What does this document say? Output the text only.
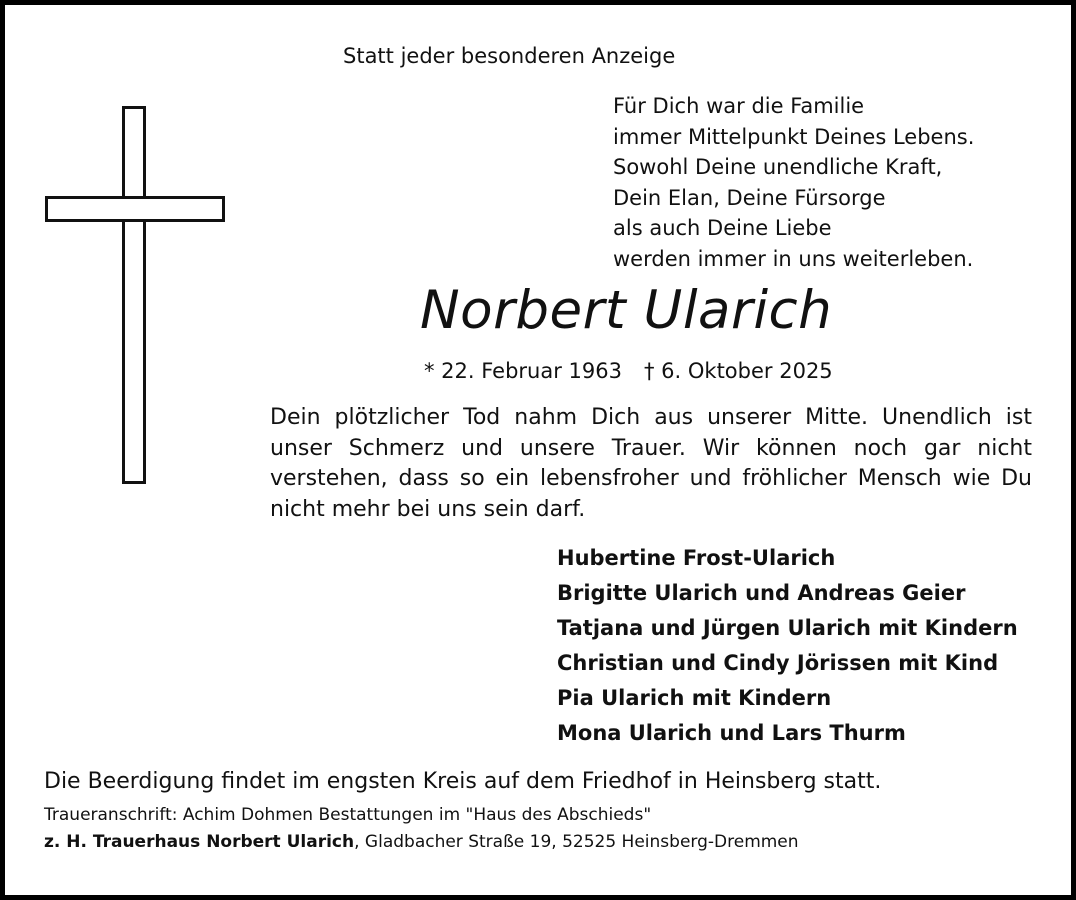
Statt jeder besonderen Anzeige
Für Dich war die Familie
immer Mittelpunkt Deines Lebens.
Sowohl Deine unendliche Kraft,
Dein Elan, Deine Fürsorge
als auch Deine Liebe
werden immer in uns weiterleben.
Norbert Ularich
* 22. Februar 1963 † 6. Oktober 2025
Dein plötzlicher Tod nahm Dich aus unserer Mitte. Unendlich ist unser Schmerz und unsere Trauer. Wir können noch gar nicht verstehen, dass so ein lebensfroher und fröhlicher Mensch wie Du nicht mehr bei uns sein darf.
Hubertine Frost-Ularich
Brigitte Ularich und Andreas Geier
Tatjana und Jürgen Ularich mit Kindern
Christian und Cindy Jörissen mit Kind
Pia Ularich mit Kindern
Mona Ularich und Lars Thurm
Die Beerdigung findet im engsten Kreis auf dem Friedhof in Heinsberg statt.
Traueranschrift: Achim Dohmen Bestattungen im "Haus des Abschieds"
z. H. Trauerhaus Norbert Ularich, Gladbacher Straße 19, 52525 Heinsberg-Dremmen
